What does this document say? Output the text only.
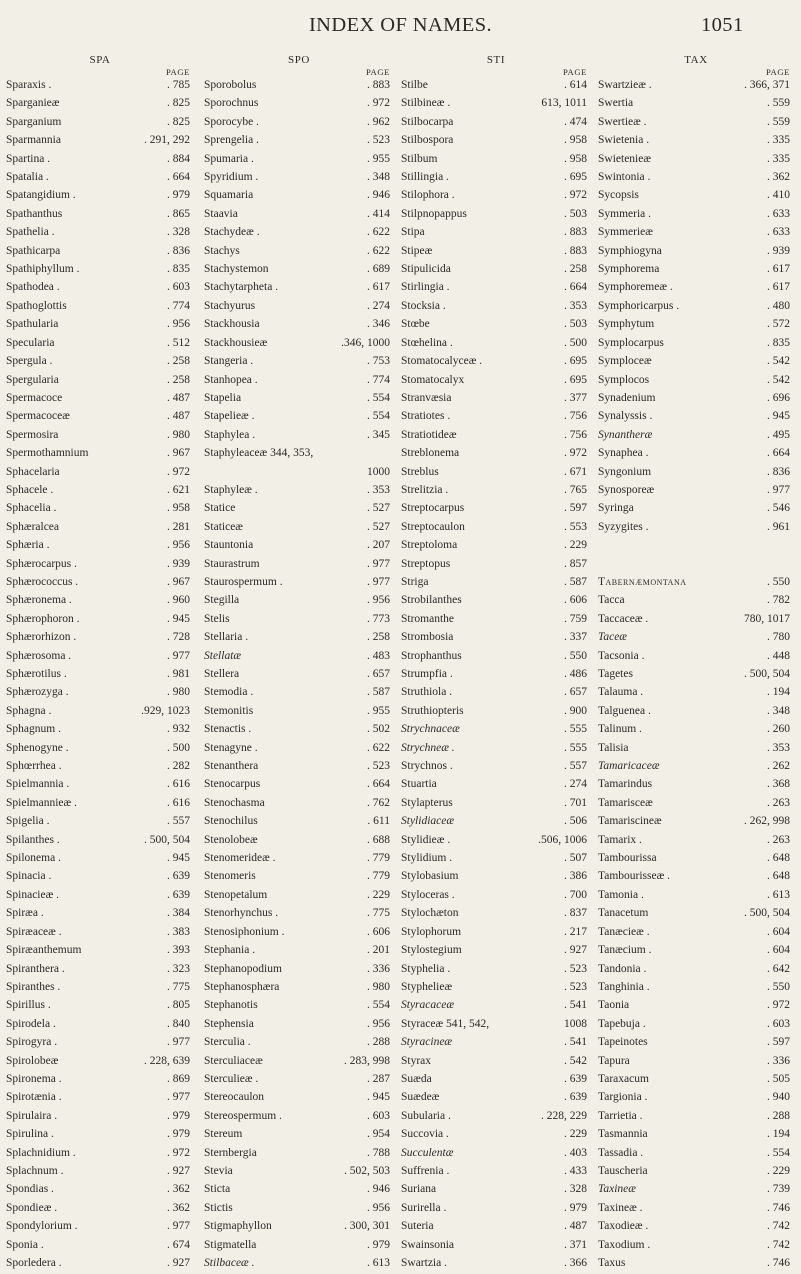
INDEX OF NAMES.	1051
SPA
PAGE
Sparaxis .	. 785
Sparganieæ	. 825
Sparganium	. 825
Sparmannia	. 291, 292
Spartina .	. 884
Spatalia .	. 664
Spatangidium .	. 979
Spathanthus	. 865
Spathelia .	. 328
Spathicarpa	. 836
Spathiphyllum .	. 835
Spathodea .	. 603
Spathoglottis	. 774
Spathularia	. 956
Specularia	. 512
Spergula .	. 258
Spergularia	. 258
Spermacoce	. 487
Spermacoceæ	. 487
Spermosira	. 980
Spermothamnium	. 967
Sphacelaria	. 972
Sphacele .	. 621
Sphacelia .	. 958
Sphæralcea	. 281
Sphæria .	. 956
Sphærocarpus .	. 939
Sphærococcus .	. 967
Sphæronema .	. 960
Sphærophoron .	. 945
Sphærorhizon .	. 728
Sphærosoma .	. 977
Sphærotilus .	. 981
Sphærozyga .	. 980
Sphagna .	.929, 1023
Sphagnum .	. 932
Sphenogyne .	. 500
Sphœrrhea .	. 282
Spielmannia .	. 616
Spielmannieæ .	. 616
Spigelia .	. 557
Spilanthes .	. 500, 504
Spilonema .	. 945
Spinacia .	. 639
Spinacieæ .	. 639
Spiræa .	. 384
Spiræaceæ .	. 383
Spiræanthemum	. 393
Spiranthera .	. 323
Spiranthes .	. 775
Spirillus .	. 805
Spirodela .	. 840
Spirogyra .	. 977
Spirolobeæ	. 228, 639
Spironema .	. 869
Spirotænia .	. 977
Spirulaira .	. 979
Spirulina .	. 979
Splachnidium .	. 972
Splachnum .	. 927
Spondias .	. 362
Spondieæ .	. 362
Spondylorium .	. 977
Sponia .	. 674
Sporledera .	. 927
SPO
PAGE
Sporobolus	. 883
Sporochnus	. 972
Sporocybe .	. 962
Sprengelia .	. 523
Spumaria .	. 955
Spyridium .	. 348
Squamaria	. 946
Staavia	. 414
Stachydeæ .	. 622
Stachys	. 622
Stachystemon	. 689
Stachytarpheta .	. 617
Stachyurus	. 274
Stackhousia	. 346
Stackhousieæ	.346, 1000
Stangeria .	. 753
Stanhopea .	. 774
Stapelia	. 554
Stapelieæ .	. 554
Staphylea .	. 345
Staphyleaceæ 344, 353,
1000
Staphyleæ .	. 353
Statice	. 527
Staticeæ	. 527
Stauntonia	. 207
Staurastrum	. 977
Staurospermum .	. 977
Stegilla	. 956
Stelis	. 773
Stellaria .	. 258
Stellatæ	. 483
Stellera	. 657
Stemodia .	. 587
Stemonitis	. 955
Stenactis .	. 502
Stenagyne .	. 622
Stenanthera	. 523
Stenocarpus	. 664
Stenochasma	. 762
Stenochilus	. 611
Stenolobeæ	. 688
Stenomerideæ .	. 779
Stenomeris	. 779
Stenopetalum	. 229
Stenorhynchus .	. 775
Stenosiphonium .	. 606
Stephania .	. 201
Stephanopodium	. 336
Stephanosphæra	. 980
Stephanotis	. 554
Stephensia	. 956
Sterculia .	. 288
Sterculiaceæ	. 283, 998
Sterculieæ .	. 287
Stereocaulon	. 945
Stereospermum .	. 603
Stereum	. 954
Sternbergia	. 788
Stevia	. 502, 503
Sticta	. 946
Stictis	. 956
Stigmaphyllon	. 300, 301
Stigmatella	. 979
Stilbaceæ .	. 613
STI
PAGE
Stilbe	. 614
Stilbineæ .	613, 1011
Stilbocarpa	. 474
Stilbospora	. 958
Stilbum	. 958
Stillingia .	. 695
Stilophora .	. 972
Stilpnopappus	. 503
Stipa	. 883
Stipeæ	. 883
Stipulicida	. 258
Stirlingia .	. 664
Stocksia .	. 353
Stœbe	. 503
Stœhelina .	. 500
Stomatocalyceæ .	. 695
Stomatocalyx	. 695
Stranvæsia	. 377
Stratiotes .	. 756
Stratiotideæ	. 756
Streblonema	. 972
Streblus	. 671
Strelitzia .	. 765
Streptocarpus	. 597
Streptocaulon	. 553
Streptoloma	. 229
Streptopus	. 857
Striga	. 587
Strobilanthes	. 606
Stromanthe	. 759
Strombosia	. 337
Strophanthus	. 550
Strumpfia .	. 486
Struthiola .	. 657
Struthiopteris	. 900
Strychnaceæ	. 555
Strychneæ .	. 555
Strychnos .	. 557
Stuartia	. 274
Stylapterus	. 701
Stylidiaceæ	. 506
Stylidieæ .	.506, 1006
Stylidium .	. 507
Stylobasium	. 386
Styloceras .	. 700
Stylochæton	. 837
Stylophorum	. 217
Stylostegium	. 927
Styphelia .	. 523
Styphelieæ	. 523
Styracaceæ	. 541
Styraceæ 541, 542,	1008
Styracineæ	. 541
Styrax	. 542
Suæda	. 639
Suædeæ	. 639
Subularia .	. 228, 229
Succovia .	. 229
Succulentæ	. 403
Suffrenia .	. 433
Suriana	. 328
Surirella .	. 979
Suteria	. 487
Swainsonia	. 371
Swartzia .	. 366
TAX
PAGE
Swartzieæ .	. 366, 371
Swertia	. 559
Swertieæ .	. 559
Swietenia .	. 335
Swietenieæ	. 335
Swintonia .	. 362
Sycopsis	. 410
Symmeria .	. 633
Symmerieæ	. 633
Symphiogyna	. 939
Symphorema	. 617
Symphoremeæ .	. 617
Symphoricarpus .	. 480
Symphytum	. 572
Symplocarpus	. 835
Symploceæ	. 542
Symplocos	. 542
Synadenium	. 696
Synalyssis .	. 945
Synantheræ	. 495
Synaphea .	. 664
Syngonium	. 836
Synosporeæ	. 977
Syringa	. 546
Syzygites .	. 961
Tabernæmontana	. 550
Tacca	. 782
Taccaceæ .	780, 1017
Taceæ	. 780
Tacsonia .	. 448
Tagetes	. 500, 504
Talauma .	. 194
Talguenea .	. 348
Talinum .	. 260
Talisia	. 353
Tamaricaceæ	. 262
Tamarindus	. 368
Tamarisceæ	. 263
Tamariscineæ	. 262, 998
Tamarix .	. 263
Tambourissa	. 648
Tambourisseæ .	. 648
Tamonia .	. 613
Tanacetum	. 500, 504
Tanæcieæ .	. 604
Tanæcium .	. 604
Tandonia .	. 642
Tanghinia .	. 550
Taonia	. 972
Tapebuja .	. 603
Tapeinotes	. 597
Tapura	. 336
Taraxacum	. 505
Targionia .	. 940
Tarrietia .	. 288
Tasmannia	. 194
Tassadia .	. 554
Tauscheria	. 229
Taxineæ	. 739
Taxineæ .	. 746
Taxodieæ .	. 742
Taxodium .	. 742
Taxus	. 746
